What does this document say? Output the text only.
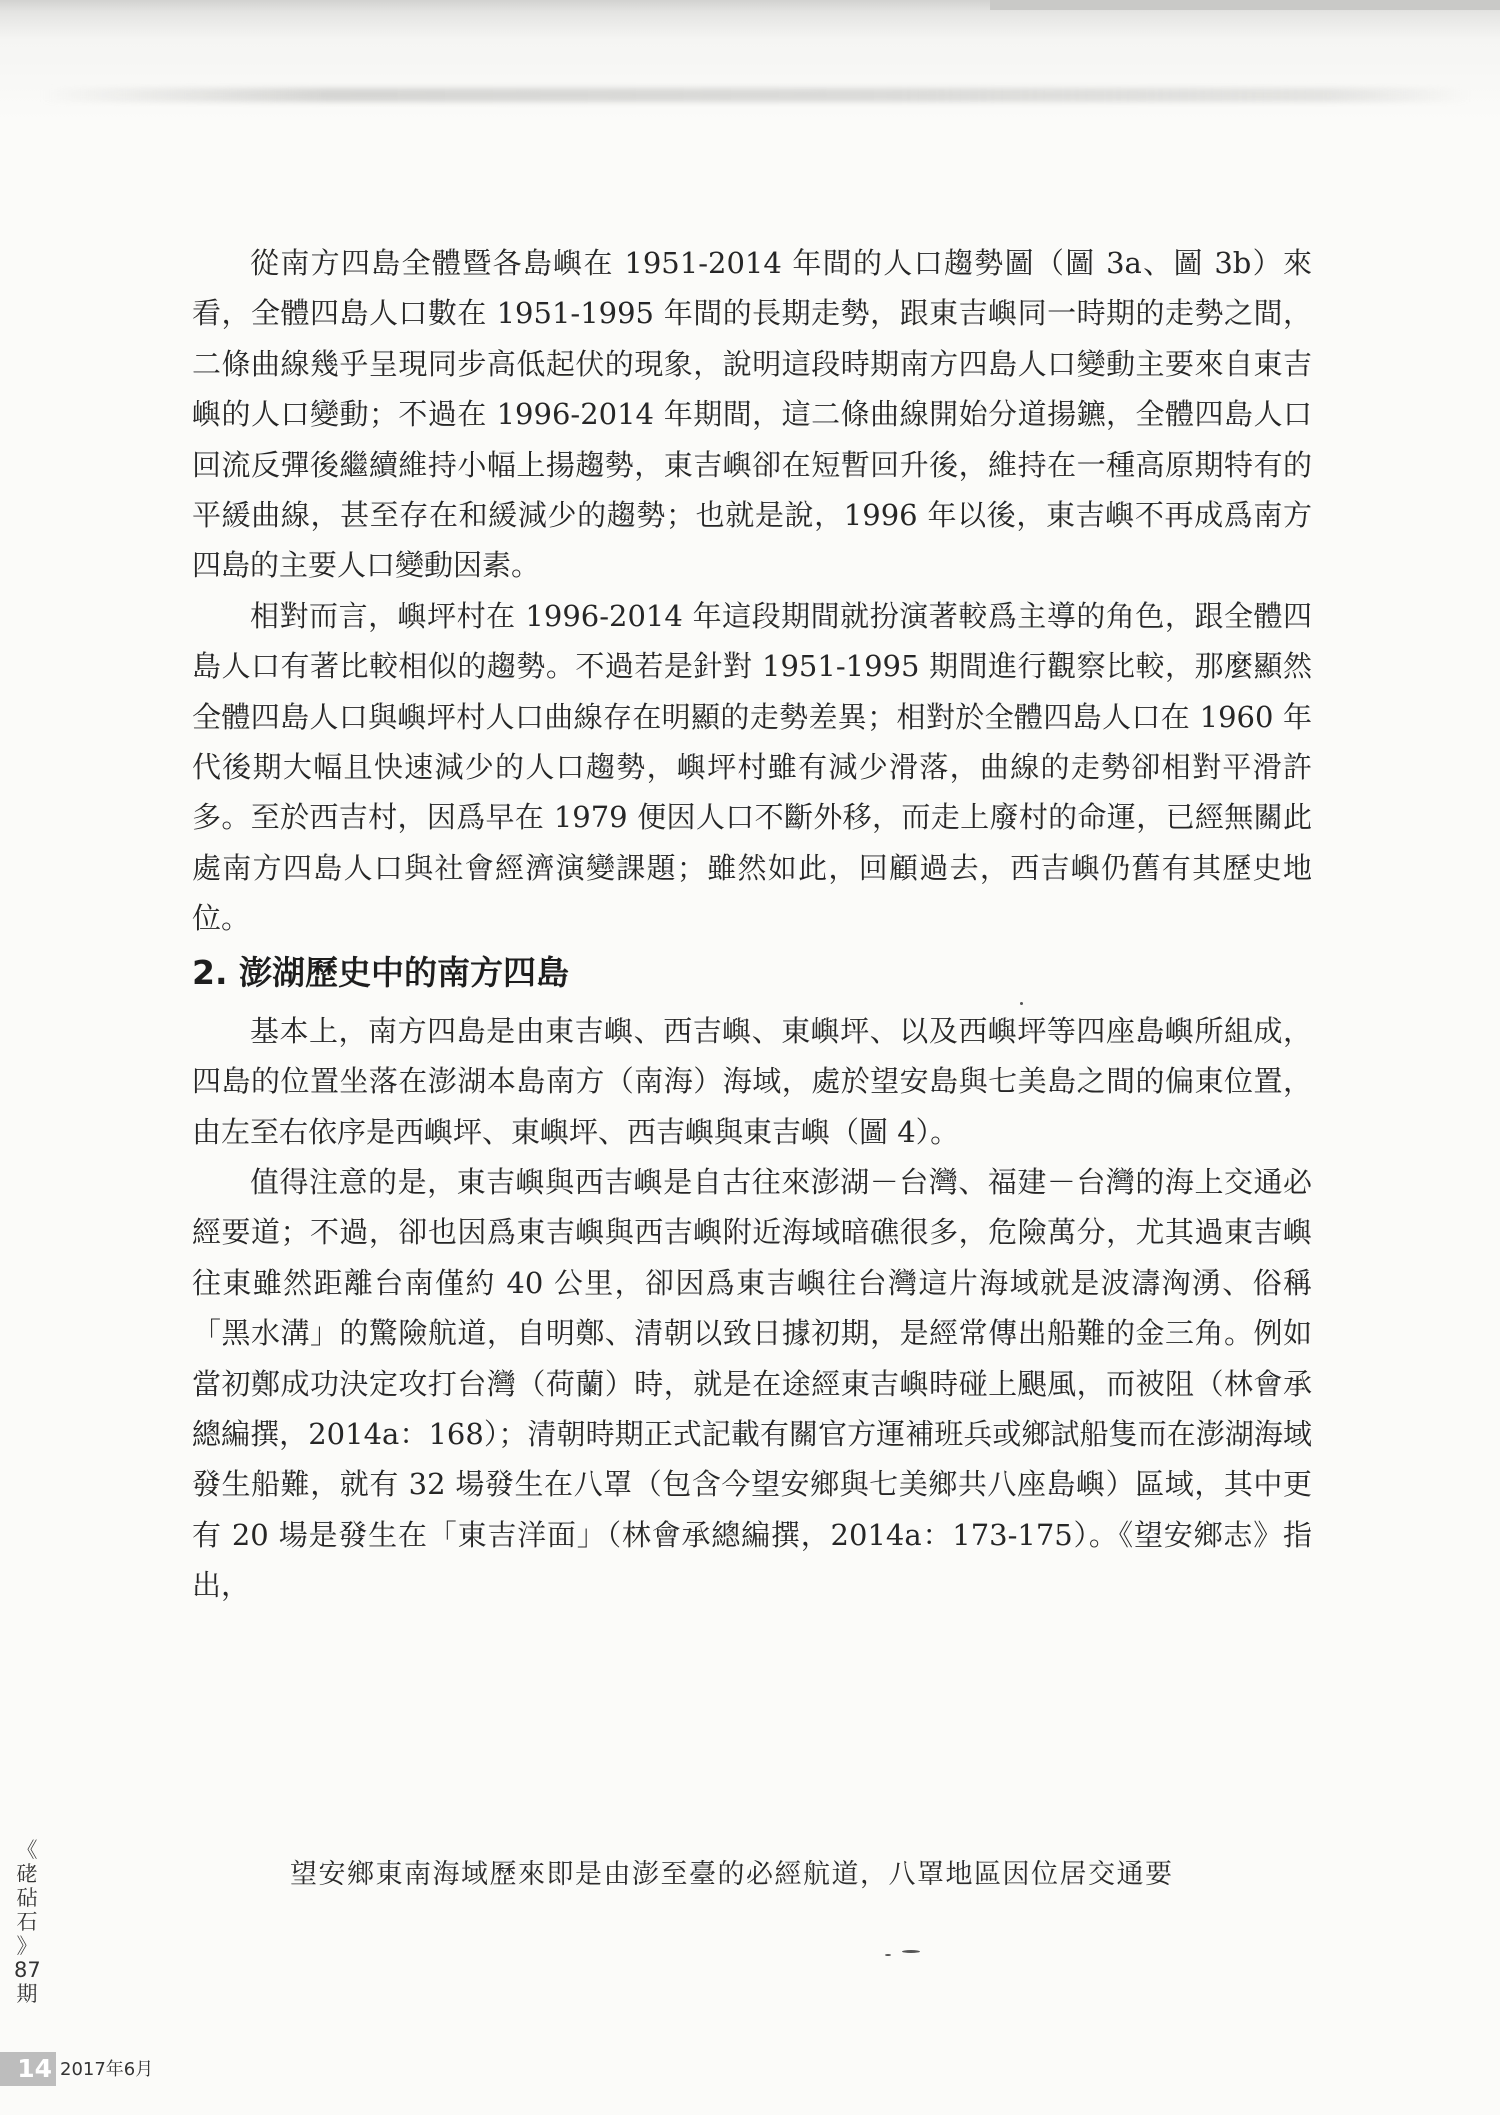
從南方四島全體暨各島嶼在 1951-2014 年間的人口趨勢圖（圖 3a、圖 3b）來看，全體四島人口數在 1951-1995 年間的長期走勢，跟東吉嶼同一時期的走勢之間，二條曲線幾乎呈現同步高低起伏的現象，說明這段時期南方四島人口變動主要來自東吉嶼的人口變動；不過在 1996-2014 年期間，這二條曲線開始分道揚鑣，全體四島人口回流反彈後繼續維持小幅上揚趨勢，東吉嶼卻在短暫回升後，維持在一種高原期特有的平緩曲線，甚至存在和緩減少的趨勢；也就是說，1996 年以後，東吉嶼不再成爲南方四島的主要人口變動因素。

相對而言，嶼坪村在 1996-2014 年這段期間就扮演著較爲主導的角色，跟全體四島人口有著比較相似的趨勢。不過若是針對 1951-1995 期間進行觀察比較，那麼顯然全體四島人口與嶼坪村人口曲線存在明顯的走勢差異；相對於全體四島人口在 1960 年代後期大幅且快速減少的人口趨勢，嶼坪村雖有減少滑落，曲線的走勢卻相對平滑許多。至於西吉村，因爲早在 1979 便因人口不斷外移，而走上廢村的命運，已經無關此處南方四島人口與社會經濟演變課題；雖然如此，回顧過去，西吉嶼仍舊有其歷史地位。

2. 澎湖歷史中的南方四島

基本上，南方四島是由東吉嶼、西吉嶼、東嶼坪、以及西嶼坪等四座島嶼所組成，四島的位置坐落在澎湖本島南方（南海）海域，處於望安島與七美島之間的偏東位置，由左至右依序是西嶼坪、東嶼坪、西吉嶼與東吉嶼（圖 4）。

值得注意的是，東吉嶼與西吉嶼是自古往來澎湖－台灣、福建－台灣的海上交通必經要道；不過，卻也因爲東吉嶼與西吉嶼附近海域暗礁很多，危險萬分，尤其過東吉嶼往東雖然距離台南僅約 40 公里，卻因爲東吉嶼往台灣這片海域就是波濤洶湧、俗稱「黑水溝」的驚險航道，自明鄭、清朝以致日據初期，是經常傳出船難的金三角。例如當初鄭成功決定攻打台灣（荷蘭）時，就是在途經東吉嶼時碰上颶風，而被阻（林會承總編撰，2014a：168）；清朝時期正式記載有關官方運補班兵或鄉試船隻而在澎湖海域發生船難，就有 32 場發生在八罩（包含今望安鄉與七美鄉共八座島嶼）區域，其中更有 20 場是發生在「東吉洋面」（林會承總編撰，2014a：173-175）。《望安鄉志》指出，

望安鄉東南海域歷來即是由澎至臺的必經航道，八罩地區因位居交通要
《
硓
砧
石
》
87
期
14 2017年6月
